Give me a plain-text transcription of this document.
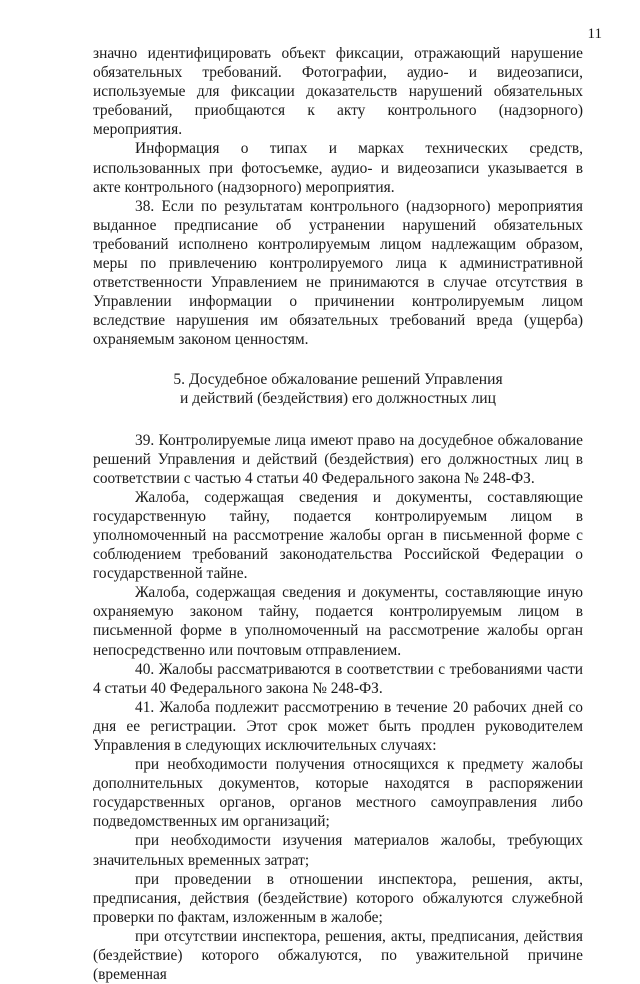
11

значно идентифицировать объект фиксации, отражающий нарушение обязательных требований. Фотографии, аудио- и видеозаписи, используемые для фиксации доказательств нарушений обязательных требований, приобщаются к акту контрольного (надзорного) мероприятия.

Информация о типах и марках технических средств, использованных при фотосъемке, аудио- и видеозаписи указывается в акте контрольного (надзорного) мероприятия.

38. Если по результатам контрольного (надзорного) мероприятия выданное предписание об устранении нарушений обязательных требований исполнено контролируемым лицом надлежащим образом, меры по привлечению контролируемого лица к административной ответственности Управлением не принимаются в случае отсутствия в Управлении информации о причинении контролируемым лицом вследствие нарушения им обязательных требований вреда (ущерба) охраняемым законом ценностям.

5. Досудебное обжалование решений Управления
и действий (бездействия) его должностных лиц

39. Контролируемые лица имеют право на досудебное обжалование решений Управления и действий (бездействия) его должностных лиц в соответствии с частью 4 статьи 40 Федерального закона № 248-ФЗ.

Жалоба, содержащая сведения и документы, составляющие государственную тайну, подается контролируемым лицом в уполномоченный на рассмотрение жалобы орган в письменной форме с соблюдением требований законодательства Российской Федерации о государственной тайне.

Жалоба, содержащая сведения и документы, составляющие иную охраняемую законом тайну, подается контролируемым лицом в письменной форме в уполномоченный на рассмотрение жалобы орган непосредственно или почтовым отправлением.

40. Жалобы рассматриваются в соответствии с требованиями части 4 статьи 40 Федерального закона № 248-ФЗ.

41. Жалоба подлежит рассмотрению в течение 20 рабочих дней со дня ее регистрации. Этот срок может быть продлен руководителем Управления в следующих исключительных случаях:

при необходимости получения относящихся к предмету жалобы дополнительных документов, которые находятся в распоряжении государственных органов, органов местного самоуправления либо подведомственных им организаций;

при необходимости изучения материалов жалобы, требующих значительных временных затрат;

при проведении в отношении инспектора, решения, акты, предписания, действия (бездействие) которого обжалуются служебной проверки по фактам, изложенным в жалобе;

при отсутствии инспектора, решения, акты, предписания, действия (бездействие) которого обжалуются, по уважительной причине (временная
